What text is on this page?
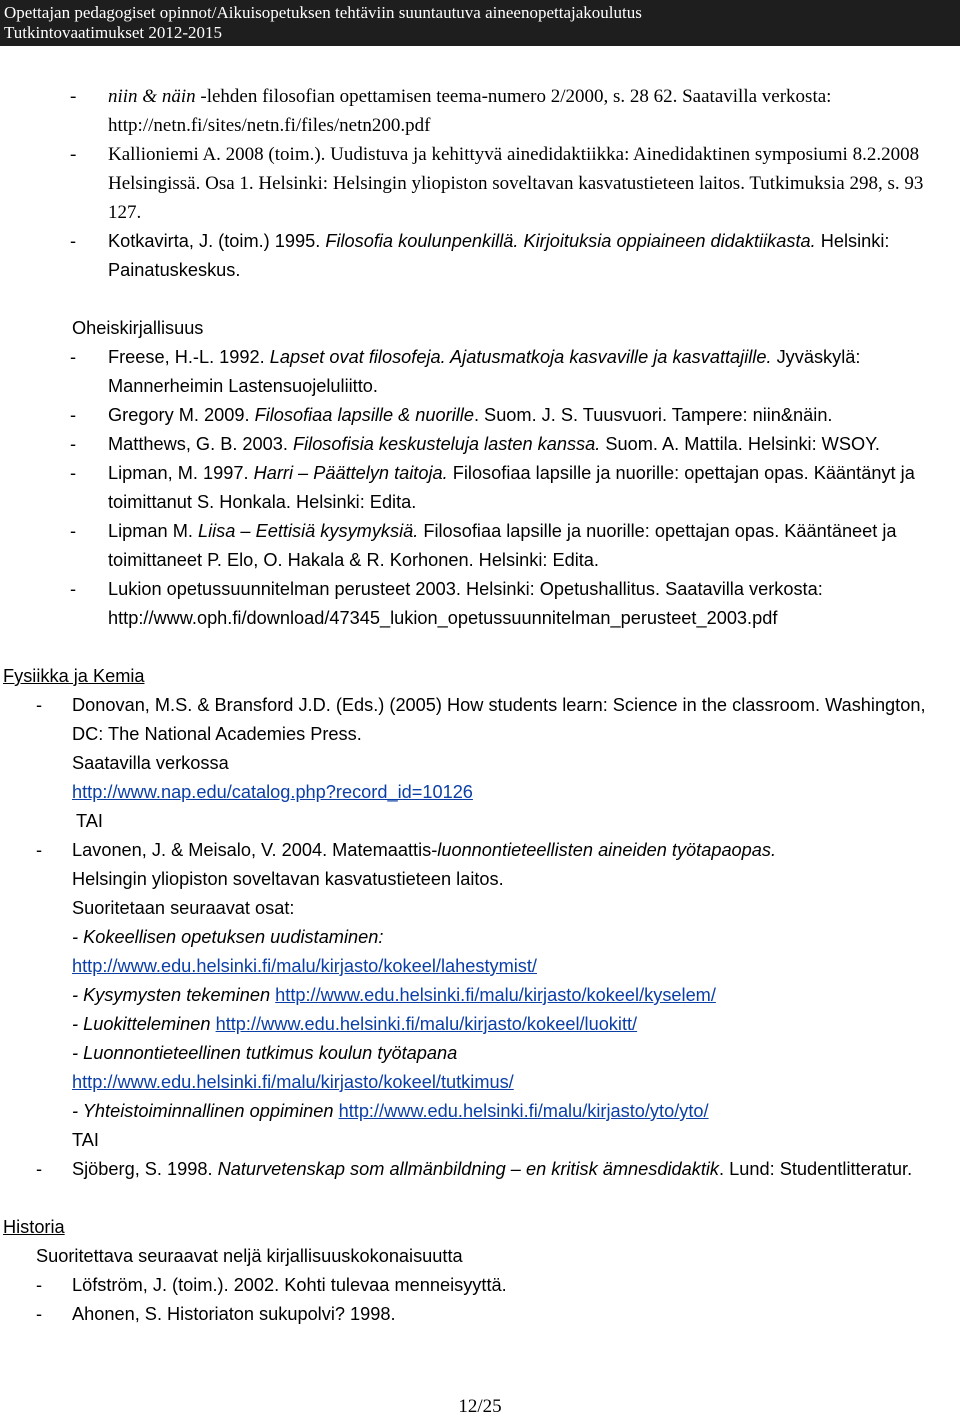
Opettajan pedagogiset opinnot/Aikuisopetuksen tehtäviin suuntautuva aineenopettajakoulutus
Tutkintovaatimukset 2012-2015
- niin & näin -lehden filosofian opettamisen teema-numero 2/2000, s. 28 62. Saatavilla verkosta: http://netn.fi/sites/netn.fi/files/netn200.pdf
- Kallioniemi A. 2008 (toim.). Uudistuva ja kehittyvä ainedidaktiikka: Ainedidaktinen symposiumi 8.2.2008 Helsingissä. Osa 1. Helsinki: Helsingin yliopiston soveltavan kasvatustieteen laitos. Tutkimuksia 298, s. 93 127.
- Kotkavirta, J. (toim.) 1995. Filosofia koulunpenkillä. Kirjoituksia oppiaineen didaktiikasta. Helsinki: Painatuskeskus.
Oheiskirjallisuus
- Freese, H.-L. 1992. Lapset ovat filosofeja. Ajatusmatkoja kasvaville ja kasvattajille. Jyväskylä: Mannerheimin Lastensuojeluliitto.
- Gregory M. 2009. Filosofiaa lapsille & nuorille. Suom. J. S. Tuusvuori. Tampere: niin&näin.
- Matthews, G. B. 2003. Filosofisia keskusteluja lasten kanssa. Suom. A. Mattila. Helsinki: WSOY.
- Lipman, M. 1997. Harri – Päättelyn taitoja. Filosofiaa lapsille ja nuorille: opettajan opas. Kääntänyt ja toimittanut S. Honkala. Helsinki: Edita.
- Lipman M. Liisa – Eettisiä kysymyksiä. Filosofiaa lapsille ja nuorille: opettajan opas. Kääntäneet ja toimittaneet P. Elo, O. Hakala & R. Korhonen. Helsinki: Edita.
- Lukion opetussuunnitelman perusteet 2003. Helsinki: Opetushallitus. Saatavilla verkosta:
http://www.oph.fi/download/47345_lukion_opetussuunnitelman_perusteet_2003.pdf
Fysiikka ja Kemia
- Donovan, M.S. & Bransford J.D. (Eds.) (2005) How students learn: Science in the classroom. Washington, DC: The National Academies Press.
Saatavilla verkossa
http://www.nap.edu/catalog.php?record_id=10126
TAI
- Lavonen, J. & Meisalo, V. 2004. Matemaattis-luonnontieteellisten aineiden työtapaopas.
Helsingin yliopiston soveltavan kasvatustieteen laitos.
Suoritetaan seuraavat osat:
- Kokeellisen opetuksen uudistaminen:
http://www.edu.helsinki.fi/malu/kirjasto/kokeel/lahestymist/
- Kysymysten tekeminen http://www.edu.helsinki.fi/malu/kirjasto/kokeel/kyselem/
- Luokitteleminen http://www.edu.helsinki.fi/malu/kirjasto/kokeel/luokitt/
- Luonnontieteellinen tutkimus koulun työtapana
http://www.edu.helsinki.fi/malu/kirjasto/kokeel/tutkimus/
- Yhteistoiminnallinen oppiminen http://www.edu.helsinki.fi/malu/kirjasto/yto/yto/
TAI
- Sjöberg, S. 1998. Naturvetenskap som allmänbildning – en kritisk ämnesdidaktik. Lund: Studentlitteratur.
Historia
Suoritettava seuraavat neljä kirjallisuuskokonaisuutta
- Löfström, J. (toim.). 2002. Kohti tulevaa menneisyyttä.
- Ahonen, S. Historiaton sukupolvi? 1998.
12/25
